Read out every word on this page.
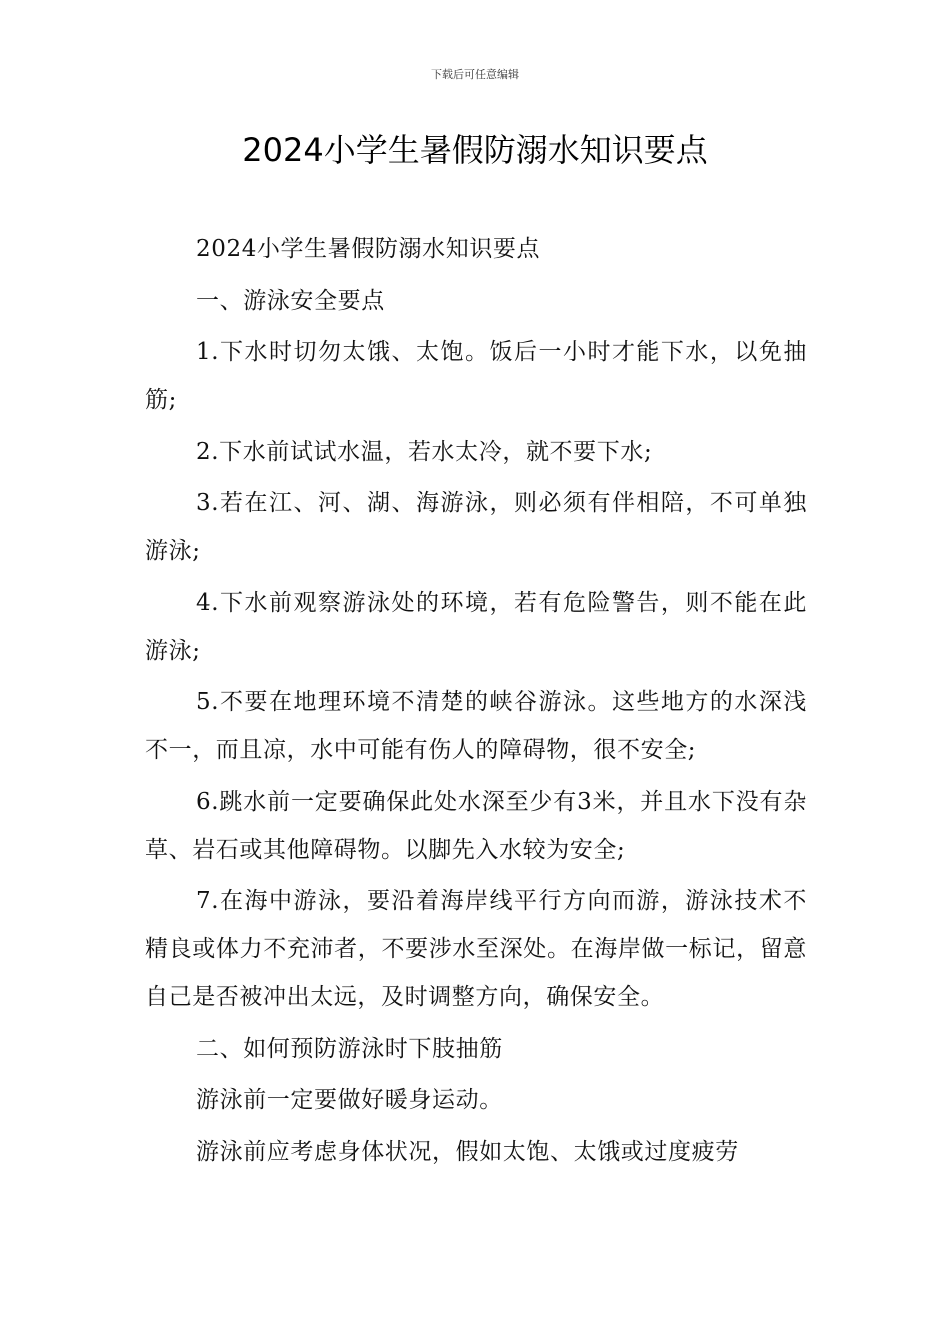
下载后可任意编辑
2024小学生暑假防溺水知识要点

2024小学生暑假防溺水知识要点

一、游泳安全要点

1.下水时切勿太饿、太饱。饭后一小时才能下水，以免抽筋;

2.下水前试试水温，若水太冷，就不要下水;

3.若在江、河、湖、海游泳，则必须有伴相陪，不可单独游泳;

4.下水前观察游泳处的环境，若有危险警告，则不能在此游泳;

5.不要在地理环境不清楚的峡谷游泳。这些地方的水深浅不一，而且凉，水中可能有伤人的障碍物，很不安全;

6.跳水前一定要确保此处水深至少有3米，并且水下没有杂草、岩石或其他障碍物。以脚先入水较为安全;

7.在海中游泳，要沿着海岸线平行方向而游，游泳技术不精良或体力不充沛者，不要涉水至深处。在海岸做一标记，留意自己是否被冲出太远，及时调整方向，确保安全。

二、如何预防游泳时下肢抽筋

游泳前一定要做好暖身运动。

游泳前应考虑身体状况，假如太饱、太饿或过度疲劳
